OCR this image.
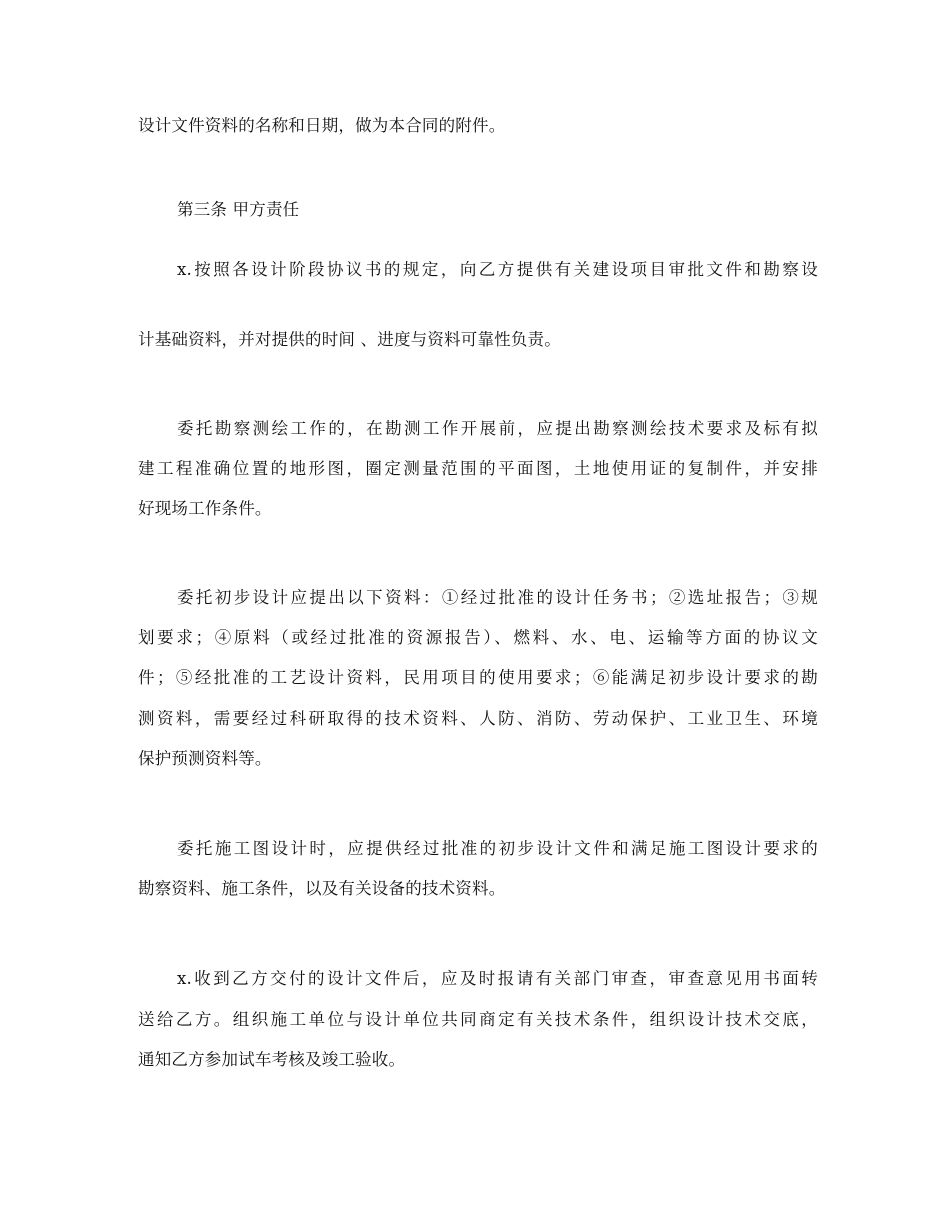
设计文件资料的名称和日期，做为本合同的附件。
第三条 甲方责任
x.按照各设计阶段协议书的规定，向乙方提供有关建设项目审批文件和勘察设
计基础资料，并对提供的时间 、进度与资料可靠性负责。
委托勘察测绘工作的，在勘测工作开展前，应提出勘察测绘技术要求及标有拟
建工程准确位置的地形图，圈定测量范围的平面图，土地使用证的复制件，并安排
好现场工作条件。
委托初步设计应提出以下资料：①经过批准的设计任务书；②选址报告；③规
划要求；④原料（或经过批准的资源报告）、燃料、水、电、运输等方面的协议文
件；⑤经批准的工艺设计资料，民用项目的使用要求；⑥能满足初步设计要求的勘
测资料，需要经过科研取得的技术资料、人防、消防、劳动保护、工业卫生、环境
保护预测资料等。
委托施工图设计时，应提供经过批准的初步设计文件和满足施工图设计要求的
勘察资料、施工条件，以及有关设备的技术资料。
x.收到乙方交付的设计文件后，应及时报请有关部门审查，审查意见用书面转
送给乙方。组织施工单位与设计单位共同商定有关技术条件，组织设计技术交底，
通知乙方参加试车考核及竣工验收。
